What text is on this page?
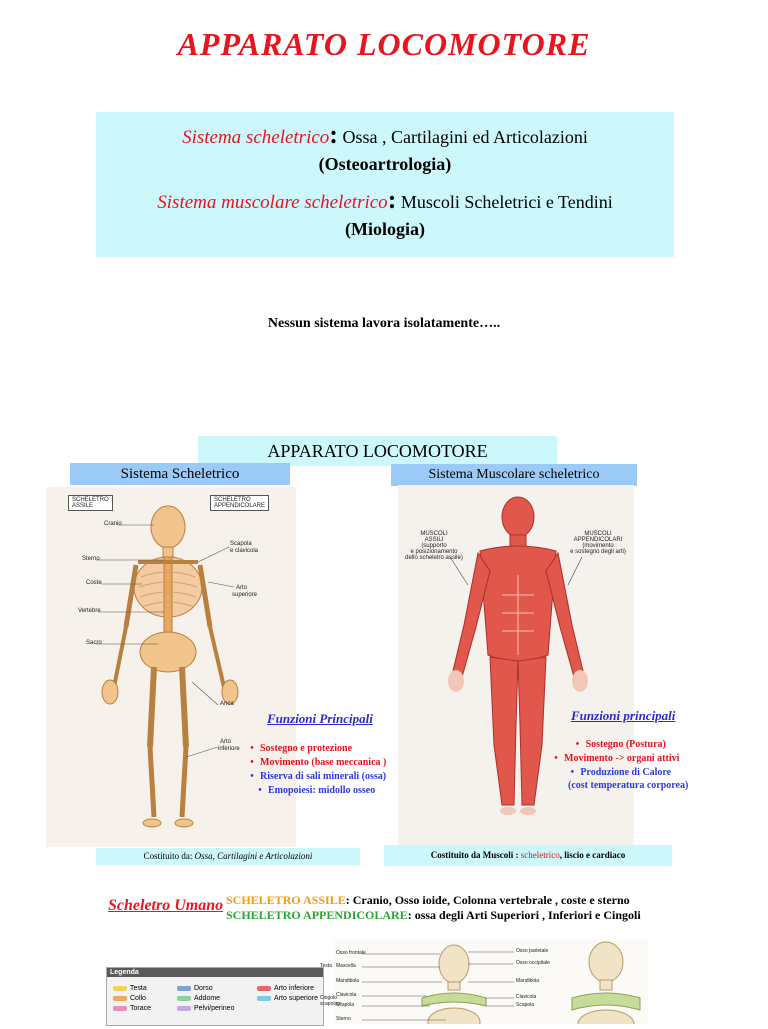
APPARATO LOCOMOTORE
Sistema scheletrico: Ossa , Cartilagini ed Articolazioni
(Osteoartrologia)
Sistema muscolare scheletrico: Muscoli Scheletrici e Tendini
(Miologia)
Nessun sistema lavora isolatamente…..
APPARATO LOCOMOTORE
Sistema Scheletrico	Sistema Muscolare scheletrico
SCHELETRO
ASSILE
SCHELETRO
APPENDICOLARE
Cranio
Scapola
e clavicola
Sterno
Coste
Arto
superiore
Vertebre
Sacro
Anca
Arto
inferiore
MUSCOLI
ASSILI
(supporto
e posizionamento
dello scheletro assile)
MUSCOLI
APPENDICOLARI
(movimento
e sostegno degli arti)
Funzioni Principali
• Sostegno e protezione
• Movimento (base meccanica )
• Riserva di sali minerali (ossa)
• Emopoiesi: midollo osseo
Funzioni principali
• Sostegno (Postura)
• Movimento -> organi attivi
• Produzione di Calore
(cost temperatura corporea)
Costituito da: Ossa, Cartilagini e Articolazioni	Costituito da Muscoli : scheletrico, liscio e cardiaco
Scheletro Umano SCHELETRO ASSILE: Cranio, Osso ioide, Colonna vertebrale , coste e sterno
SCHELETRO APPENDICOLARE: ossa degli Arti Superiori , Inferiori e Cingoli
Legenda
Testa
Collo
Torace
Dorso
Addome
Pelvi/perineo
Arto inferiore
Arto superiore
Osso frontale
Mascella
Mandibola
Clavicola
Scapola
Sterno
Osso parietale
Osso occipitale
Mandibola
Clavicola
Scapola
Testa
Cingolo
scapolare
